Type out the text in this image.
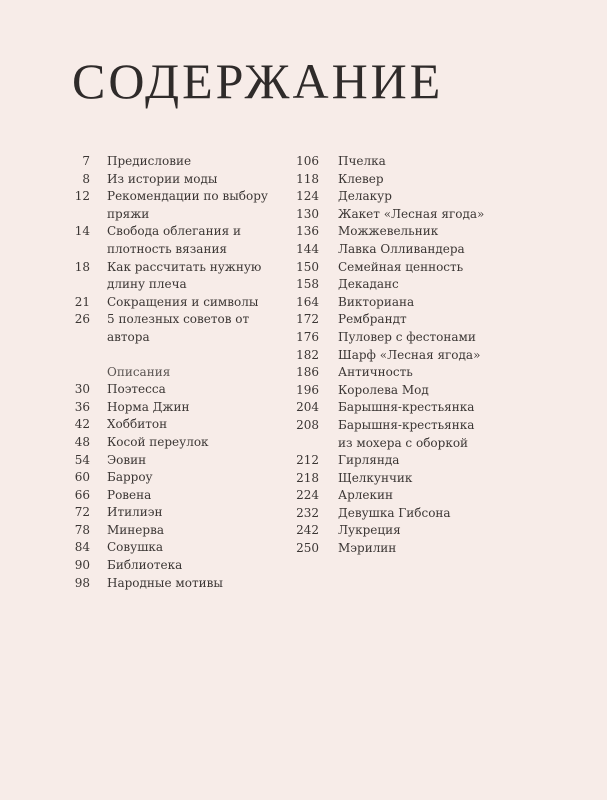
СОДЕРЖАНИЕ
7 Предисловие
8 Из истории моды
12 Рекомендации по выбору пряжи
14 Свобода облегания и плотность вязания
18 Как рассчитать нужную длину плеча
21 Сокращения и символы
26 5 полезных советов от автора
Описания
30 Поэтесса
36 Норма Джин
42 Хоббитон
48 Косой переулок
54 Эовин
60 Барроу
66 Ровена
72 Итилиэн
78 Минерва
84 Совушка
90 Библиотека
98 Народные мотивы
106 Пчелка
118 Клевер
124 Делакур
130 Жакет «Лесная ягода»
136 Можжевельник
144 Лавка Олливандера
150 Семейная ценность
158 Декаданс
164 Викториана
172 Рембрандт
176 Пуловер с фестонами
182 Шарф «Лесная ягода»
186 Античность
196 Королева Мод
204 Барышня-крестьянка
208 Барышня-крестьянка из мохера с оборкой
212 Гирлянда
218 Щелкунчик
224 Арлекин
232 Девушка Гибсона
242 Лукреция
250 Мэрилин
